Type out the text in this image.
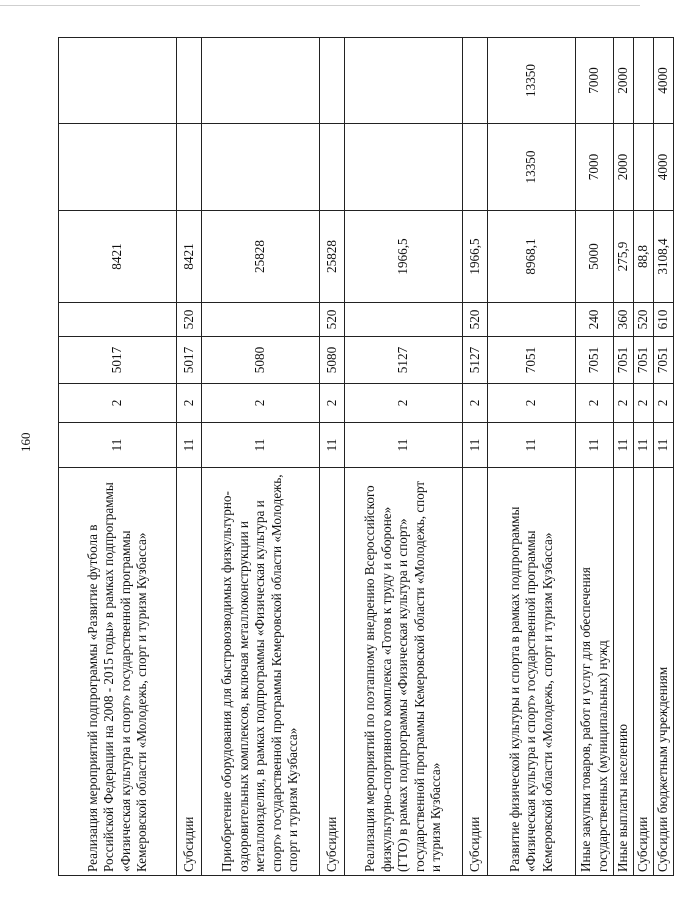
160
Реализация мероприятий подпрограммы «Развитие футбола в Российской Федерации на 2008 - 2015 годы» в рамках подпрограммы «Физическая культура и спорт» государственной программы Кемеровской области «Молодежь, спорт и туризм Кузбасса»	11	2	5017		8421		
Субсидии	11	2	5017	520	8421		
Приобретение оборудования для быстровозводимых физкультурно-оздоровительных комплексов, включая металлоконструкции и металлоизделия, в рамках подпрограммы «Физическая культура и спорт» государственной программы Кемеровской области «Молодежь, спорт и туризм Кузбасса»	11	2	5080		25828		
Субсидии	11	2	5080	520	25828		
Реализация мероприятий по поэтапному внедрению Всероссийского физкультурно-спортивного комплекса «Готов к труду и обороне» (ГТО) в рамках подпрограммы «Физическая культура и спорт» государственной программы Кемеровской области «Молодежь, спорт и туризм Кузбасса»	11	2	5127		1966,5		
Субсидии	11	2	5127	520	1966,5		
Развитие физической культуры и спорта в рамках подпрограммы «Физическая культура и спорт» государственной программы Кемеровской области «Молодежь, спорт и туризм Кузбасса»	11	2	7051		8968,1	13350	13350
Иные закупки товаров, работ и услуг для обеспечения государственных (муниципальных) нужд	11	2	7051	240	5000	7000	7000
Иные выплаты населению	11	2	7051	360	275,9	2000	2000
Субсидии	11	2	7051	520	88,8		
Субсидии бюджетным учреждениям	11	2	7051	610	3108,4	4000	4000
